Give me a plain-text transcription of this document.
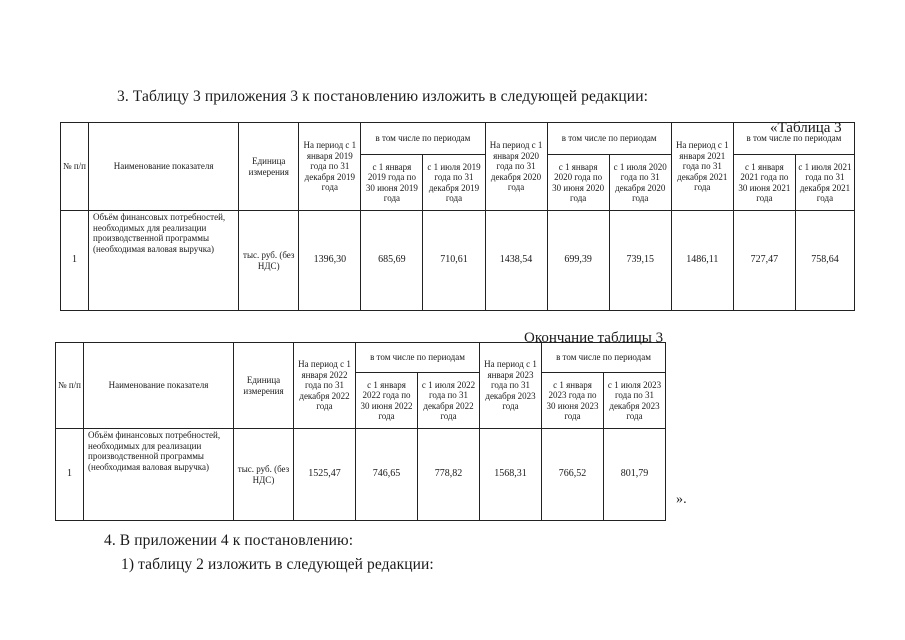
3. Таблицу 3 приложения 3 к постановлению изложить в следующей редакции:
«Таблица 3
№ п/п	Наименование показателя	Единица измерения	На период с 1 января 2019 года по 31 декабря 2019 года	в том числе по периодам		На период с 1 января 2020 года по 31 декабря 2020 года	в том числе по периодам		На период с 1 января 2021 года по 31 декабря 2021 года	в том числе по периодам	
				с 1 января 2019 года по 30 июня 2019 года	с 1 июля 2019 года по 31 декабря 2019 года		с 1 января 2020 года по 30 июня 2020 года	с 1 июля 2020 года по 31 декабря 2020 года		с 1 января 2021 года по 30 июня 2021 года	с 1 июля 2021 года по 31 декабря 2021 года
1	Объём финансовых потребностей, необходимых для реализации производственной программы (необходимая валовая выручка)	тыс. руб. (без НДС)	1396,30	685,69	710,61	1438,54	699,39	739,15	1486,11	727,47	758,64
Окончание таблицы 3
№ п/п	Наименование показателя	Единица измерения	На период с 1 января 2022 года по 31 декабря 2022 года	в том числе по периодам		На период с 1 января 2023 года по 31 декабря 2023 года	в том числе по периодам	
				с 1 января 2022 года по 30 июня 2022 года	с 1 июля 2022 года по 31 декабря 2022 года		с 1 января 2023 года по 30 июня 2023 года	с 1 июля 2023 года по 31 декабря 2023 года
1	Объём финансовых потребностей, необходимых для реализации производственной программы (необходимая валовая выручка)	тыс. руб. (без НДС)	1525,47	746,65	778,82	1568,31	766,52	801,79
».
4. В приложении 4 к постановлению:
1) таблицу 2 изложить в следующей редакции:
